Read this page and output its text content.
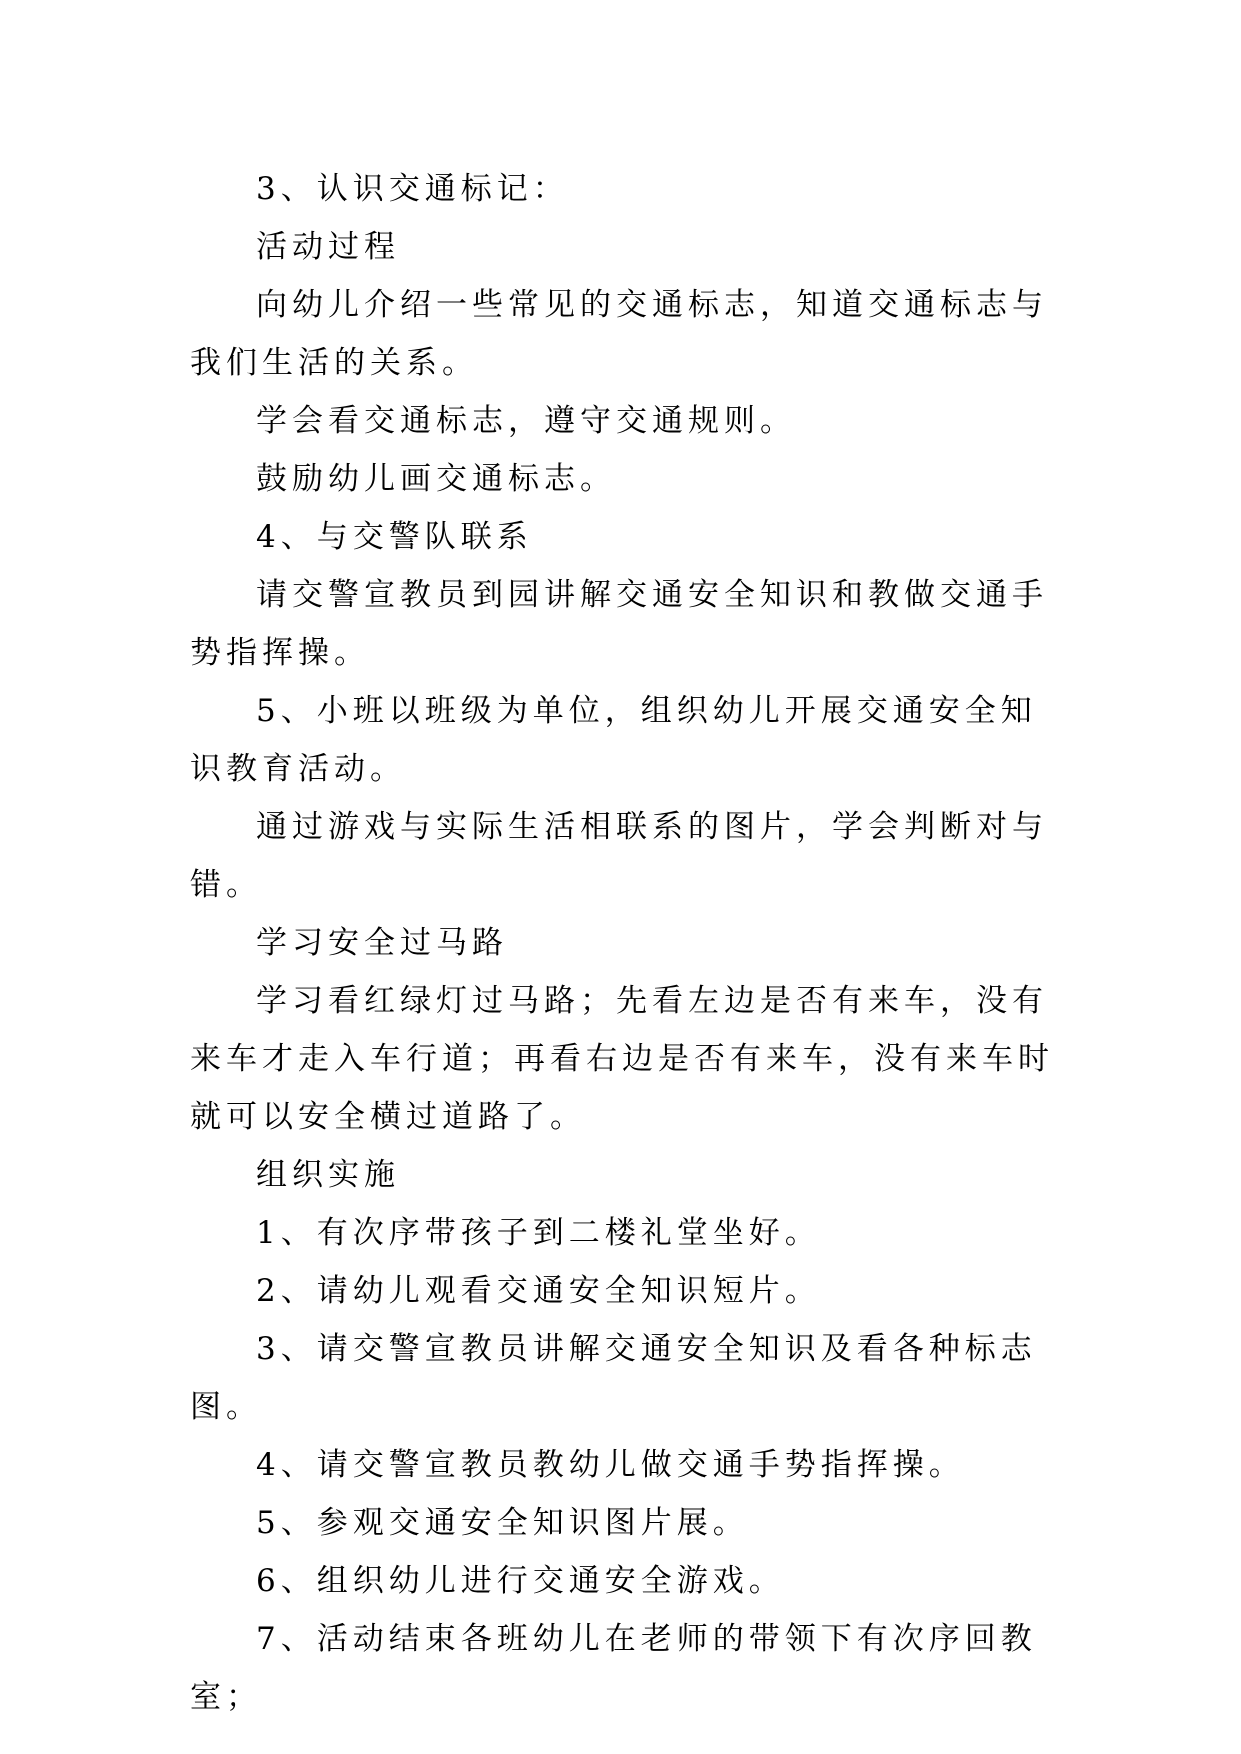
3、认识交通标记：

活动过程

向幼儿介绍一些常见的交通标志，知道交通标志与我们生活的关系。

学会看交通标志，遵守交通规则。

鼓励幼儿画交通标志。

4、与交警队联系

请交警宣教员到园讲解交通安全知识和教做交通手势指挥操。

5、小班以班级为单位，组织幼儿开展交通安全知识教育活动。

通过游戏与实际生活相联系的图片，学会判断对与错。

学习安全过马路

学习看红绿灯过马路；先看左边是否有来车，没有来车才走入车行道；再看右边是否有来车，没有来车时就可以安全横过道路了。

组织实施

1、有次序带孩子到二楼礼堂坐好。

2、请幼儿观看交通安全知识短片。

3、请交警宣教员讲解交通安全知识及看各种标志图。

4、请交警宣教员教幼儿做交通手势指挥操。

5、参观交通安全知识图片展。

6、组织幼儿进行交通安全游戏。

7、活动结束各班幼儿在老师的带领下有次序回教室；
